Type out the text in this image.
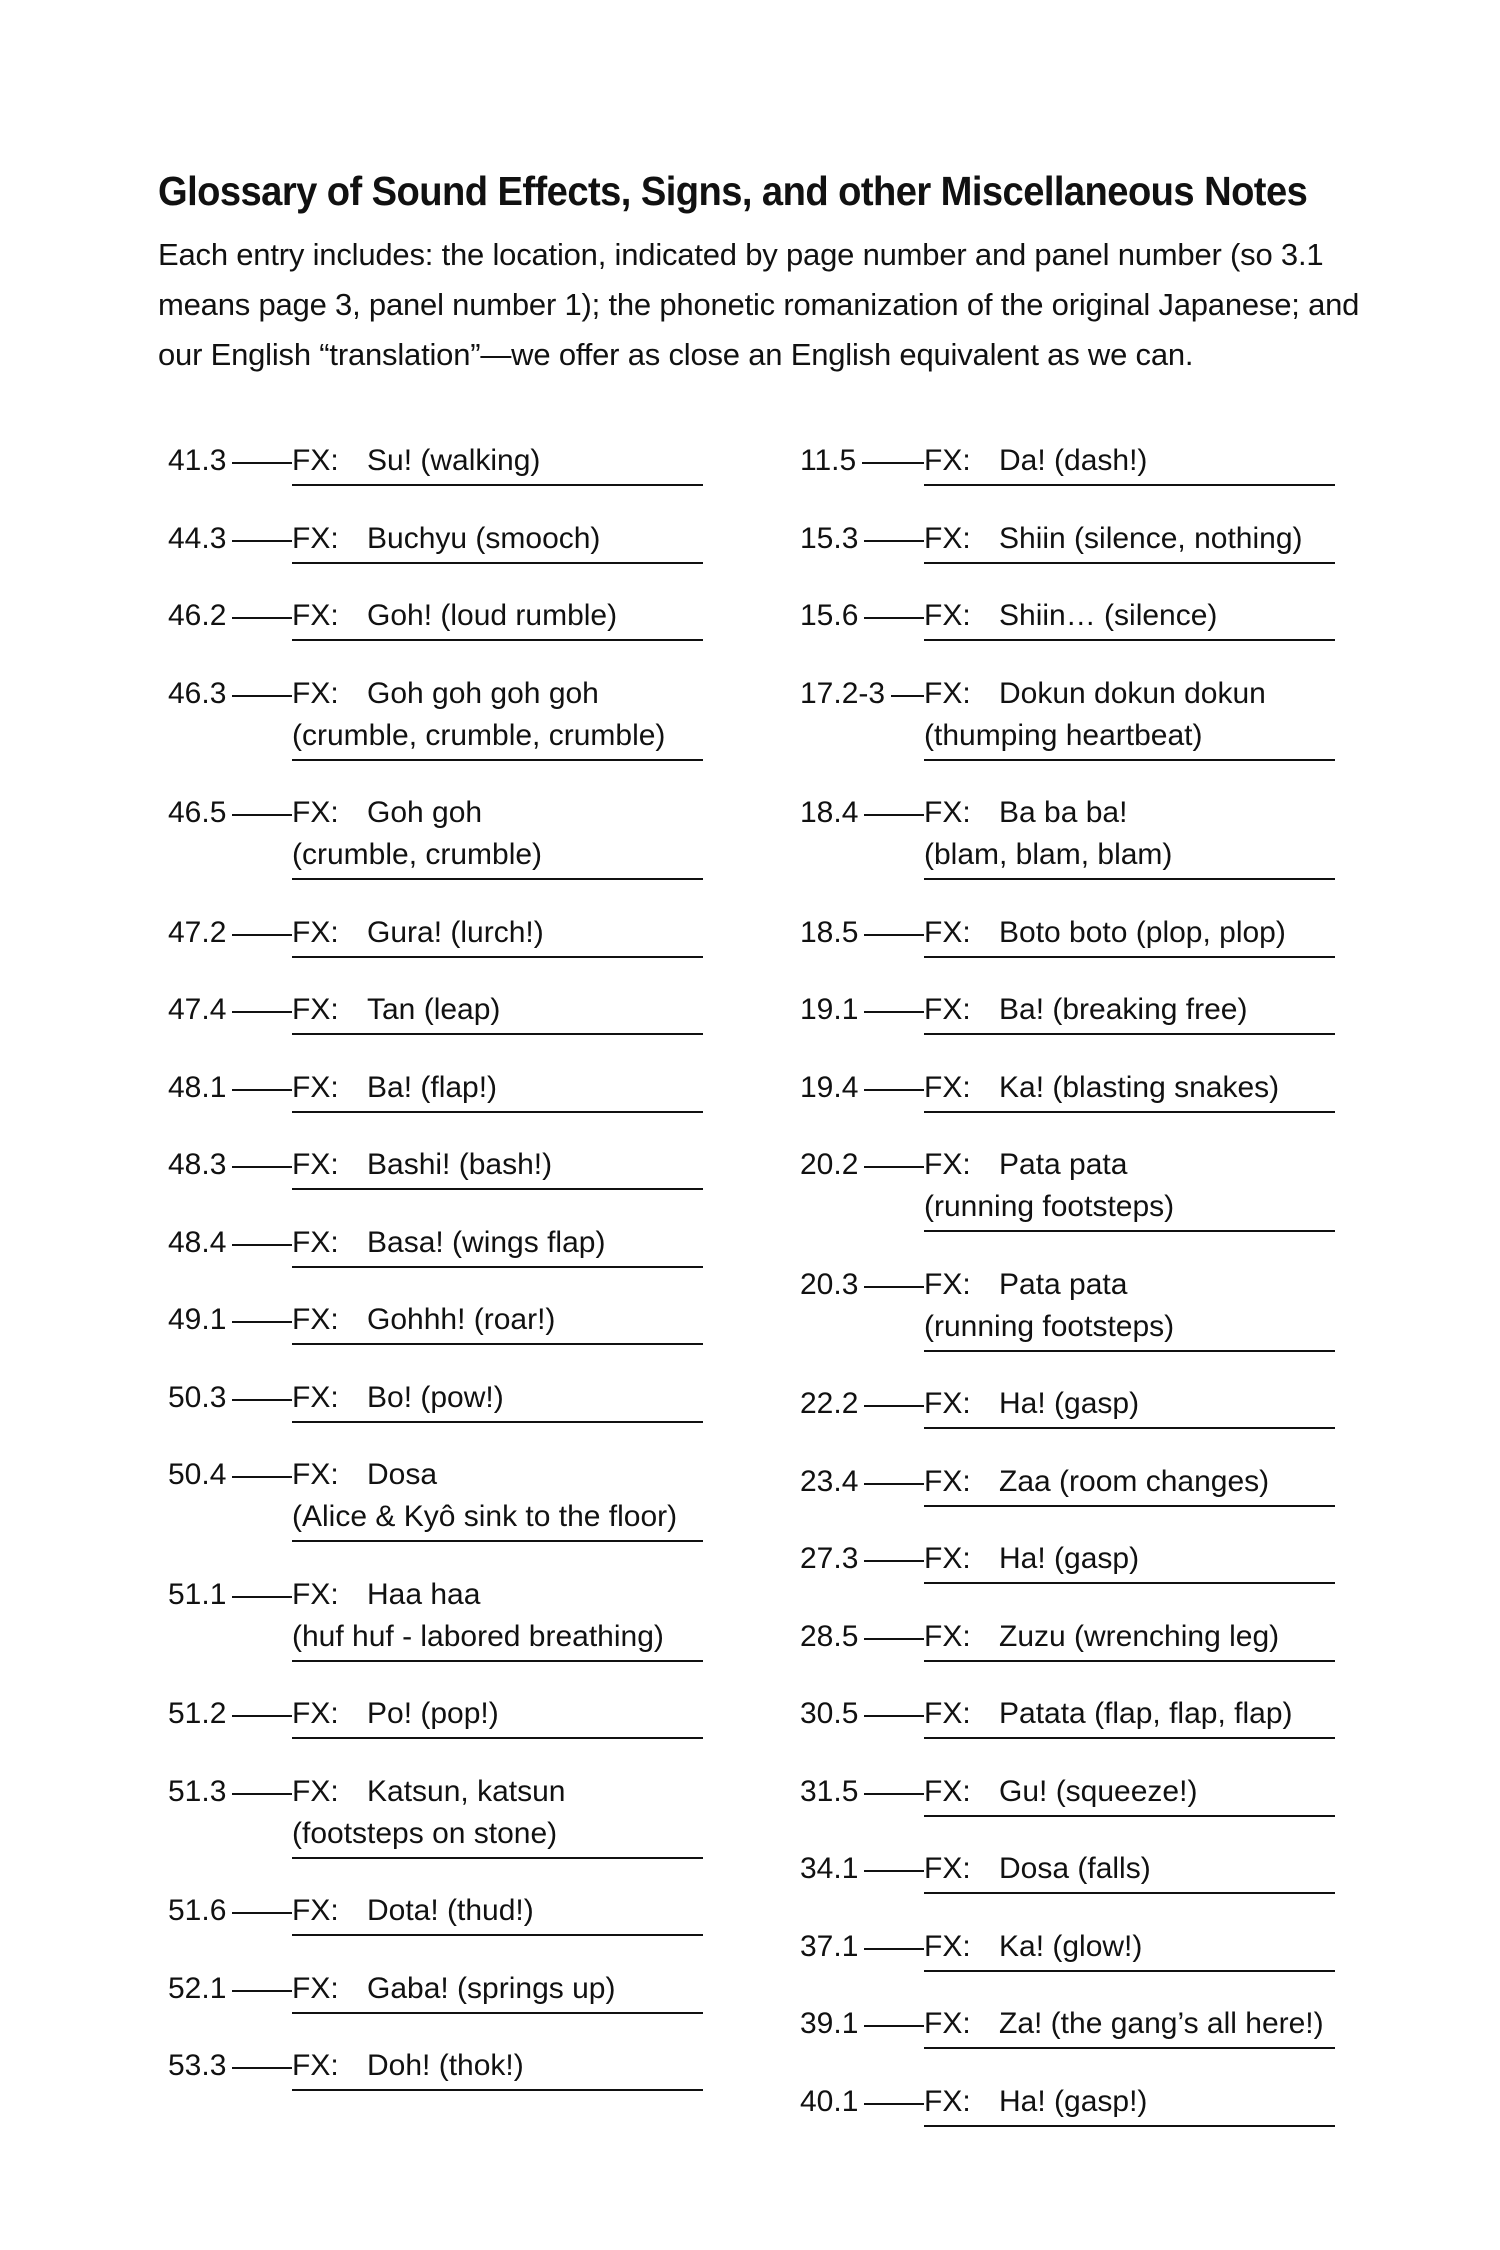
Glossary of Sound Effects, Signs, and other Miscellaneous Notes

Each entry includes: the location, indicated by page number and panel number (so 3.1 means page 3, panel number 1); the phonetic romanization of the original Japanese; and our English “translation”—we offer as close an English equivalent as we can.

41.3 FX: Su! (walking)
44.3 FX: Buchyu (smooch)
46.2 FX: Goh! (loud rumble)
46.3 FX: Goh goh goh goh
(crumble, crumble, crumble)
46.5 FX: Goh goh
(crumble, crumble)
47.2 FX: Gura! (lurch!)
47.4 FX: Tan (leap)
48.1 FX: Ba! (flap!)
48.3 FX: Bashi! (bash!)
48.4 FX: Basa! (wings flap)
49.1 FX: Gohhh! (roar!)
50.3 FX: Bo! (pow!)
50.4 FX: Dosa
(Alice & Kyô sink to the floor)
51.1 FX: Haa haa
(huf huf - labored breathing)
51.2 FX: Po! (pop!)
51.3 FX: Katsun, katsun
(footsteps on stone)
51.6 FX: Dota! (thud!)
52.1 FX: Gaba! (springs up)
53.3 FX: Doh! (thok!)
11.5 FX: Da! (dash!)
15.3 FX: Shiin (silence, nothing)
15.6 FX: Shiin… (silence)
17.2-3 FX: Dokun dokun dokun
(thumping heartbeat)
18.4 FX: Ba ba ba!
(blam, blam, blam)
18.5 FX: Boto boto (plop, plop)
19.1 FX: Ba! (breaking free)
19.4 FX: Ka! (blasting snakes)
20.2 FX: Pata pata
(running footsteps)
20.3 FX: Pata pata
(running footsteps)
22.2 FX: Ha! (gasp)
23.4 FX: Zaa (room changes)
27.3 FX: Ha! (gasp)
28.5 FX: Zuzu (wrenching leg)
30.5 FX: Patata (flap, flap, flap)
31.5 FX: Gu! (squeeze!)
34.1 FX: Dosa (falls)
37.1 FX: Ka! (glow!)
39.1 FX: Za! (the gang’s all here!)
40.1 FX: Ha! (gasp!)
